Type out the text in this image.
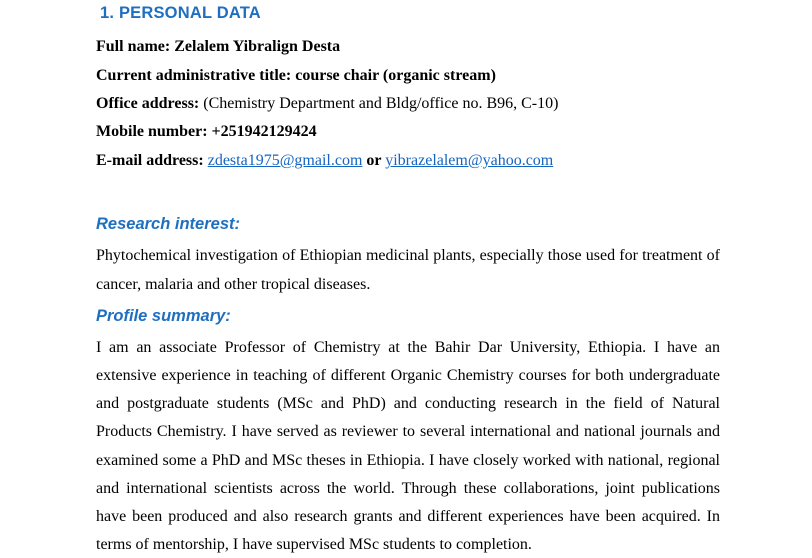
1. PERSONAL DATA
Full name: Zelalem Yibralign Desta
Current administrative title: course chair (organic stream)
Office address: (Chemistry Department and Bldg/office no. B96, C-10)
Mobile number: +251942129424
E-mail address: zdesta1975@gmail.com or yibrazelalem@yahoo.com
Research interest:
Phytochemical investigation of Ethiopian medicinal plants, especially those used for treatment of
cancer, malaria and other tropical diseases.
Profile summary:
I am an associate Professor of Chemistry at the Bahir Dar University, Ethiopia. I have an
extensive experience in teaching of different Organic Chemistry courses for both undergraduate
and postgraduate students (MSc and PhD) and conducting research in the field of Natural
Products Chemistry. I have served as reviewer to several international and national journals and
examined some a PhD and MSc theses in Ethiopia. I have closely worked with national, regional
and international scientists across the world. Through these collaborations, joint publications
have been produced and also research grants and different experiences have been acquired. In
terms of mentorship, I have supervised MSc students to completion.
